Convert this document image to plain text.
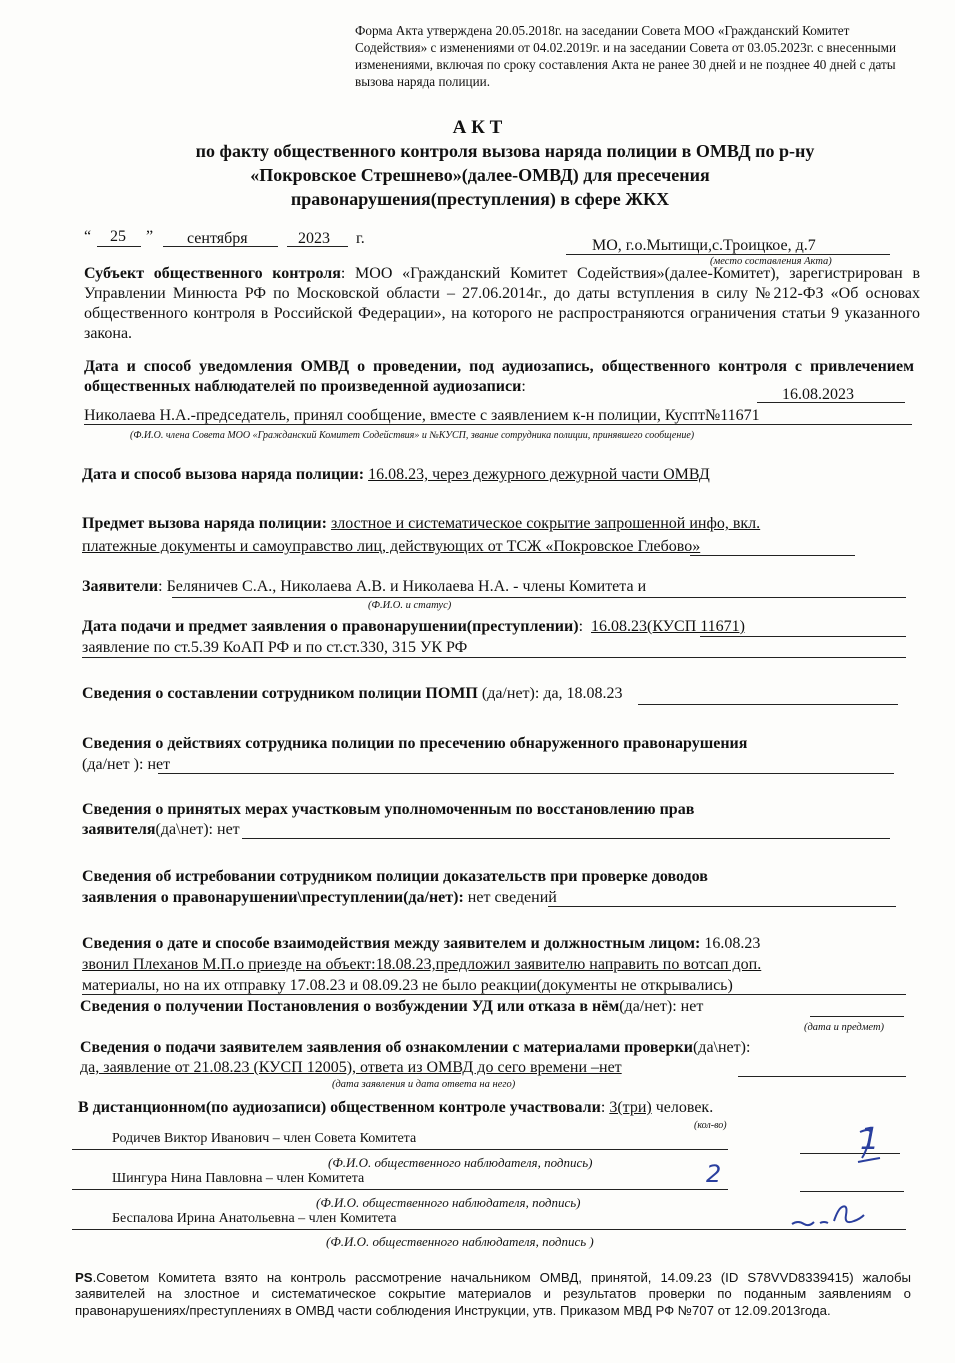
Форма Акта утверждена 20.05.2018г. на заседании Совета МОО «Гражданский Комитет Содействия» с изменениями от 04.02.2019г. и на заседании Совета от 03.05.2023г. с внесенными изменениями, включая по сроку составления Акта не ранее 30 дней и не позднее 40 дней с даты вызова наряда полиции.
А К Т
по факту общественного контроля вызова наряда полиции в ОМВД по р-ну
«Покровское Стрешнево»(далее-ОМВД) для пресечения
правонарушения(преступления) в сфере ЖКХ
“ 25 ” сентября	2023 г.	МО, г.о.Мытищи,с.Троицкое, д.7
(место составления Акта)
Субъект общественного контроля: МОО «Гражданский Комитет Содействия»(далее-Комитет), зарегистрирован в Управлении Минюста РФ по Московской области – 27.06.2014г., до даты вступления в силу №212-ФЗ «Об основах общественного контроля в Российской Федерации», на которого не распространяются ограничения статьи 9 указанного закона.
Дата и способ уведомления ОМВД о проведении, под аудиозапись, общественного контроля с привлечением общественных наблюдателей по произведенной аудиозаписи:	16.08.2023
Николаева Н.А.-председатель, принял сообщение, вместе с заявлением к-н полиции, Куспт№11671
(Ф.И.О. члена Совета МОО «Гражданский Комитет Содействия» и №КУСП, звание сотрудника полиции, принявшего сообщение)
Дата и способ вызова наряда полиции: 16.08.23, через дежурного дежурной части ОМВД
Предмет вызова наряда полиции: злостное и систематическое сокрытие запрошенной инфо, вкл.
платежные документы и самоуправство лиц, действующих от ТСЖ «Покровское Глебово»
Заявители: Беляничев С.А., Николаева А.В. и Николаева Н.А. - члены Комитета и
(Ф.И.О. и статус)
Дата подачи и предмет заявления о правонарушении(преступлении): 16.08.23(КУСП 11671)
заявление по ст.5.39 КоАП РФ и по ст.ст.330, 315 УК РФ
Сведения о составлении сотрудником полиции ПОМП (да/нет): да, 18.08.23
Сведения о действиях сотрудника полиции по пресечению обнаруженного правонарушения
(да/нет ): нет
Сведения о принятых мерах участковым уполномоченным по восстановлению прав
заявителя(да\нет): нет
Сведения об истребовании сотрудником полиции доказательств при проверке доводов
заявления о правонарушении\преступлении(да/нет): нет сведений
Сведения о дате и способе взаимодействия между заявителем и должностным лицом: 16.08.23
звонил Плеханов М.П.о приезде на объект:18.08.23,предложил заявителю направить по вотсап доп.
материалы, но на их отправку 17.08.23 и 08.09.23 не было реакции(документы не открывались)
Сведения о получении Постановления о возбуждении УД или отказа в нём(да/нет): нет
(дата и предмет)
Сведения о подачи заявителем заявления об ознакомлении с материалами проверки(да\нет):
да, заявление от 21.08.23 (КУСП 12005), ответа из ОМВД до сего времени –нет
(дата заявления и дата ответа на него)
В дистанционном(по аудиозаписи) общественном контроле участвовали: 3(три) человек.
(кол-во)
Родичев Виктор Иванович – член Совета Комитета
(Ф.И.О. общественного наблюдателя, подпись)
1
Шингура Нина Павловна – член Комитета
(Ф.И.О. общественного наблюдателя, подпись)
2
Беспалова Ирина Анатольевна – член Комитета
(Ф.И.О. общественного наблюдателя, подпись )
PS.Советом Комитета взято на контроль рассмотрение начальником ОМВД, принятой, 14.09.23 (ID S78VVD8339415) жалобы заявителей на злостное и систематическое сокрытие материалов и результатов проверки по поданным заявлениям о правонарушениях/преступлениях в ОМВД части соблюдения Инструкции, утв. Приказом МВД РФ №707 от 12.09.2013года.
